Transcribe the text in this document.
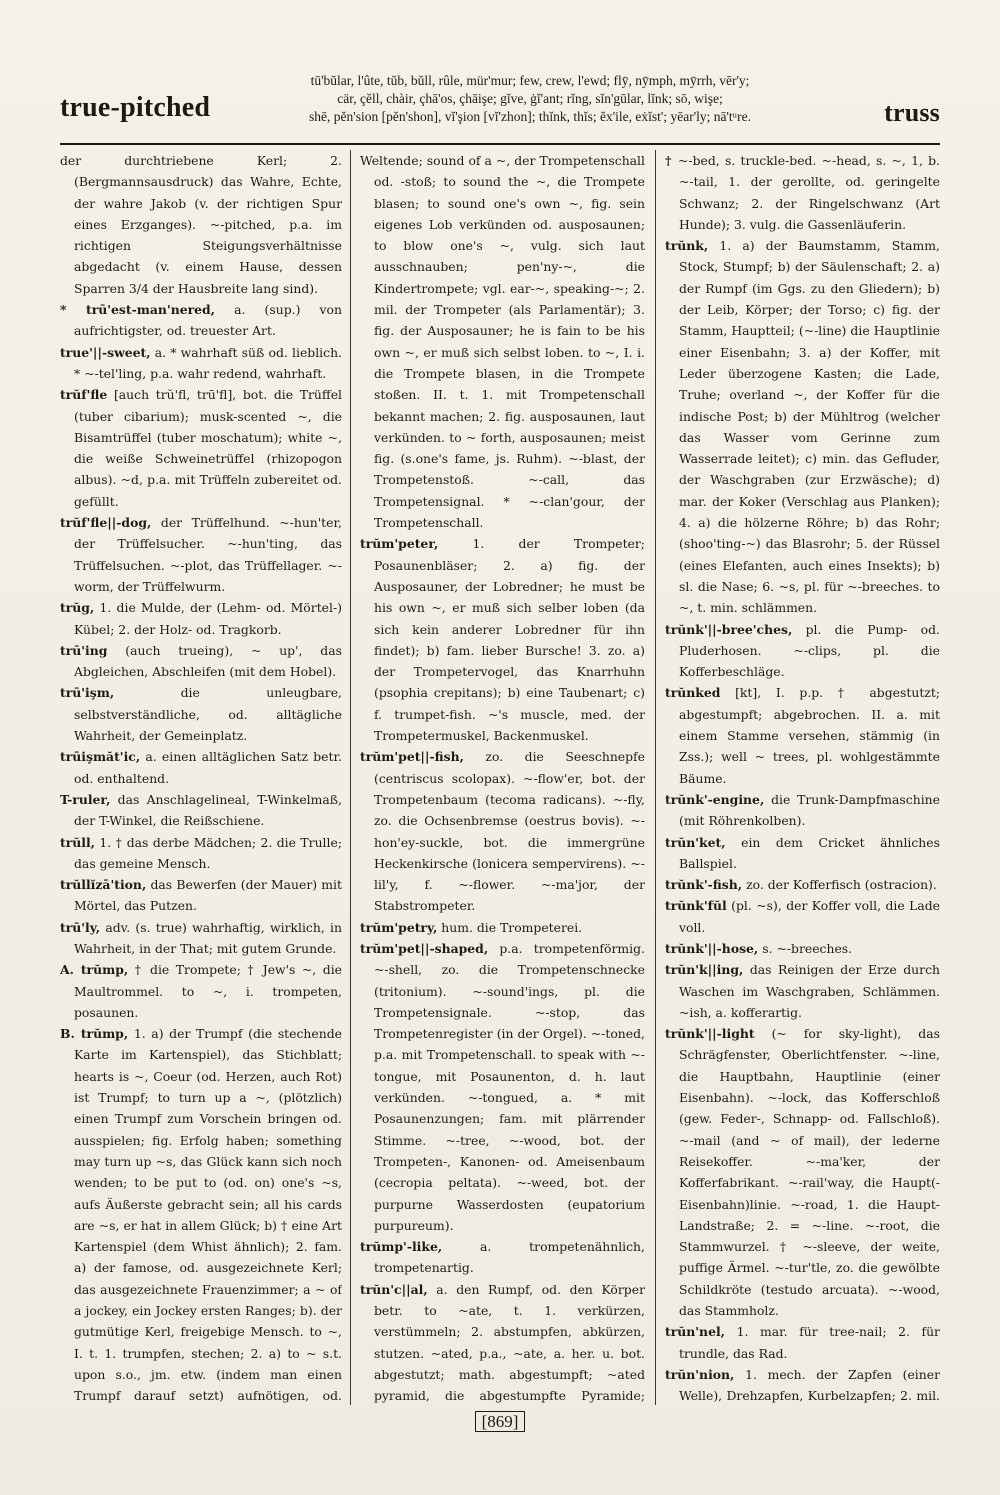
true-pitched
tū'bŭlar, l'ûte, tŭb, bŭll, rûle, mür'mur; few, crew, l'ewd; flȳ, nȳmph, mȳrrh, vēr'y;
cär, çĕll, chàir, çhā'os, çhāişe; gĭve, ġĭ'ant; rĭng, sĭn'gūlar, lĭnk; sō, wişe;
shē, pĕn'sion [pĕn'shon], vĭ'şion [vĭ'zhon]; thĭnk, thĭs; ĕx'ile, eẋĭst'; yēar'ly; nā'tᵘre.	truss

der durchtriebene Kerl; 2. (Bergmannsausdruck) das Wahre, Echte, der wahre Jakob (v. der richtigen Spur eines Erzganges). ~-pitched, p.a. im richtigen Steigungsverhältnisse abgedacht (v. einem Hause, dessen Sparren 3/4 der Hausbreite lang sind).

* trū'est-man'nered, a. (sup.) von aufrichtigster, od. treuester Art.

true'||-sweet, a. * wahrhaft süß od. lieblich. * ~-tel'ling, p.a. wahr redend, wahrhaft.

trŭf'fle [auch trŭ'fl, trū'fl], bot. die Trüffel (tuber cibarium); musk-scented ~, die Bisamtrüffel (tuber moschatum); white ~, die weiße Schweinetrüffel (rhizopogon albus). ~d, p.a. mit Trüffeln zubereitet od. gefüllt.

trŭf'fle||-dog, der Trüffelhund. ~-hun'ter, der Trüffelsucher. ~-hun'ting, das Trüffelsuchen. ~-plot, das Trüffellager. ~-worm, der Trüffelwurm.

trŭg, 1. die Mulde, der (Lehm- od. Mörtel-) Kübel; 2. der Holz- od. Tragkorb.

trū'ing (auch trueing), ~ up', das Abgleichen, Abschleifen (mit dem Hobel).

trū'işm,	die unleugbare, selbstverständliche, od. alltägliche Wahrheit, der Gemeinplatz.

trūişmăt'ic, a. einen alltäglichen Satz betr. od. enthaltend.

T-ruler, das Anschlagelineal, T-Winkelmaß, der T-Winkel, die Reißschiene.

trŭll, 1. † das derbe Mädchen; 2. die Trulle; das gemeine Mensch.

trŭllĭzā'tion, das Bewerfen (der Mauer) mit Mörtel, das Putzen.

trū'ly, adv. (s. true) wahrhaftig, wirklich, in Wahrheit, in der That; mit gutem Grunde.

A. trŭmp, † die Trompete; † Jew's ~, die Maultrommel. to ~, i. trompeten, posaunen.

B. trŭmp, 1. a) der Trumpf (die stechende Karte im Kartenspiel), das Stichblatt; hearts is ~, Coeur (od. Herzen, auch Rot) ist Trumpf; to turn up a ~, (plötzlich) einen Trumpf zum Vorschein bringen od. ausspielen; fig. Erfolg haben; something may turn up ~s, das Glück kann sich noch wenden; to be put to (od. on) one's ~s, aufs Äußerste gebracht sein; all his cards are ~s, er hat in allem Glück; b) † eine Art Kartenspiel (dem Whist ähnlich); 2. fam. a) der famose, od. ausgezeichnete Kerl; das ausgezeichnete Frauenzimmer; a ~ of a jockey, ein Jockey ersten Ranges; b). der gutmütige Kerl, freigebige Mensch. to ~, I. t. 1. trumpfen, stechen; 2. a) to ~ s.t. upon s.o., jm. etw. (indem man einen Trumpf darauf setzt) aufnötigen, od.

Weltende; sound of a ~, der Trompetenschall od. -stoß; to sound the ~, die Trompete blasen; to sound one's own ~, fig. sein eigenes Lob verkünden od. ausposaunen; to blow one's ~, vulg. sich laut ausschnauben; pen'ny-~, die Kindertrompete; vgl. ear-~, speaking-~; 2. mil. der Trompeter (als Parlamentär); 3. fig. der Ausposauner; he is fain to be his own ~, er muß sich selbst loben. to ~, I. i. die Trompete blasen, in die Trompete stoßen. II. t. 1. mit Trompetenschall bekannt machen; 2. fig. ausposaunen, laut verkünden. to ~ forth, ausposaunen; meist fig. (s.one's fame, js. Ruhm). ~-blast, der Trompetenstoß. ~-call, das Trompetensignal. * ~-clan'gour, der Trompetenschall.

trŭm'peter,	1. der Trompeter; Posaunenbläser; 2. a) fig. der Ausposauner, der Lobredner; he must be his own ~, er muß sich selber loben (da sich kein anderer Lobredner für ihn findet); b) fam. lieber Bursche! 3. zo. a) der Trompetervogel, das Knarrhuhn (psophia crepitans); b) eine Taubenart; c) f. trumpet-fish. ~'s muscle, med. der Trompetermuskel, Backenmuskel.

trŭm'pet||-fish, zo. die Seeschnepfe (centriscus scolopax). ~-flow'er, bot. der Trompetenbaum (tecoma radicans). ~-fly, zo. die Ochsenbremse (oestrus bovis). ~-hon'ey-suckle, bot. die immergrüne Heckenkirsche (lonicera sempervirens). ~-lil'y, f. ~-flower. ~-ma'jor, der Stabstrompeter.

trŭm'petry, hum. die Trompeterei.

trŭm'pet||-shaped, p.a. trompetenförmig. ~-shell, zo. die Trompetenschnecke (tritonium). ~-sound'ings, pl. die Trompetensignale. ~-stop, das Trompetenregister (in der Orgel). ~-toned, p.a. mit Trompetenschall. to speak with ~-tongue, mit Posaunenton, d. h. laut verkünden. ~-tongued, a. * mit Posaunenzungen; fam. mit plärrender Stimme. ~-tree, ~-wood, bot. der Trompeten-, Kanonen- od. Ameisenbaum (cecropia peltata). ~-weed, bot. der purpurne Wasserdosten (eupatorium purpureum).

trŭmp'-like,	a. trompetenähnlich, trompetenartig.

trŭn'c||al, a. den Rumpf, od. den Körper betr. to ~ate, t. 1. verkürzen, verstümmeln; 2. abstumpfen, abkürzen, stutzen. ~ated, p.a., ~ate, a. her. u. bot. abgestutzt; math. abgestumpft; ~ated pyramid, die abgestumpfte Pyramide;

† ~-bed, s. truckle-bed. ~-head, s. ~, 1, b. ~-tail, 1. der gerollte, od. geringelte Schwanz; 2. der Ringelschwanz (Art Hunde); 3. vulg. die Gassenläuferin.

trŭnk, 1. a) der Baumstamm, Stamm, Stock, Stumpf; b) der Säulenschaft; 2. a) der Rumpf (im Ggs. zu den Gliedern); b) der Leib, Körper; der Torso; c) fig. der Stamm, Hauptteil; (~-line) die Hauptlinie einer Eisenbahn; 3. a) der Koffer, mit Leder überzogene Kasten; die Lade, Truhe; overland ~, der Koffer für die indische Post; b) der Mühltrog (welcher das Wasser vom Gerinne zum Wasserrade leitet); c) min. das Gefluder, der Waschgraben (zur Erzwäsche); d) mar. der Koker (Verschlag aus Planken); 4. a) die hölzerne Röhre; b) das Rohr; (shoo'ting-~) das Blasrohr; 5. der Rüssel (eines Elefanten, auch eines Insekts); b) sl. die Nase; 6. ~s, pl. für ~-breeches. to ~, t. min. schlämmen.

trŭnk'||-bree'ches, pl. die Pump- od. Pluderhosen. ~-clips, pl. die Kofferbeschläge.

trŭnked [kt], I. p.p. † abgestutzt; abgestumpft; abgebrochen. II. a. mit einem Stamme versehen, stämmig (in Zss.); well ~ trees, pl. wohlgestämmte Bäume.

trŭnk'-engine, die Trunk-Dampfmaschine (mit Röhrenkolben).

trŭn'ket, ein dem Cricket ähnliches Ballspiel.

trŭnk'-fish, zo. der Kofferfisch (ostracion).

trŭnk'fŭl (pl. ~s), der Koffer voll, die Lade voll.

trŭnk'||-hose, s. ~-breeches.

trŭn'k||ing, das Reinigen der Erze durch Waschen im Waschgraben, Schlämmen. ~ish, a. kofferartig.

trŭnk'||-light (~ for sky-light), das Schrägfenster, Oberlichtfenster. ~-line, die Hauptbahn, Hauptlinie (einer Eisenbahn). ~-lock, das Kofferschloß (gew. Feder-, Schnapp- od. Fallschloß). ~-mail (and ~ of mail), der lederne Reisekoffer. ~-ma'ker, der Kofferfabrikant. ~-rail'way, die Haupt(-Eisenbahn)linie. ~-road, 1. die Haupt-Landstraße; 2. = ~-line. ~-root, die Stammwurzel. † ~-sleeve, der weite, puffige Ärmel. ~-tur'tle, zo. die gewölbte Schildkröte (testudo arcuata). ~-wood, das Stammholz.

trŭn'nel, 1. mar. für tree-nail; 2. für trundle, das Rad.

trŭn'nion, 1. mech. der Zapfen (einer Welle), Drehzapfen, Kurbelzapfen; 2. mil.

[869]
